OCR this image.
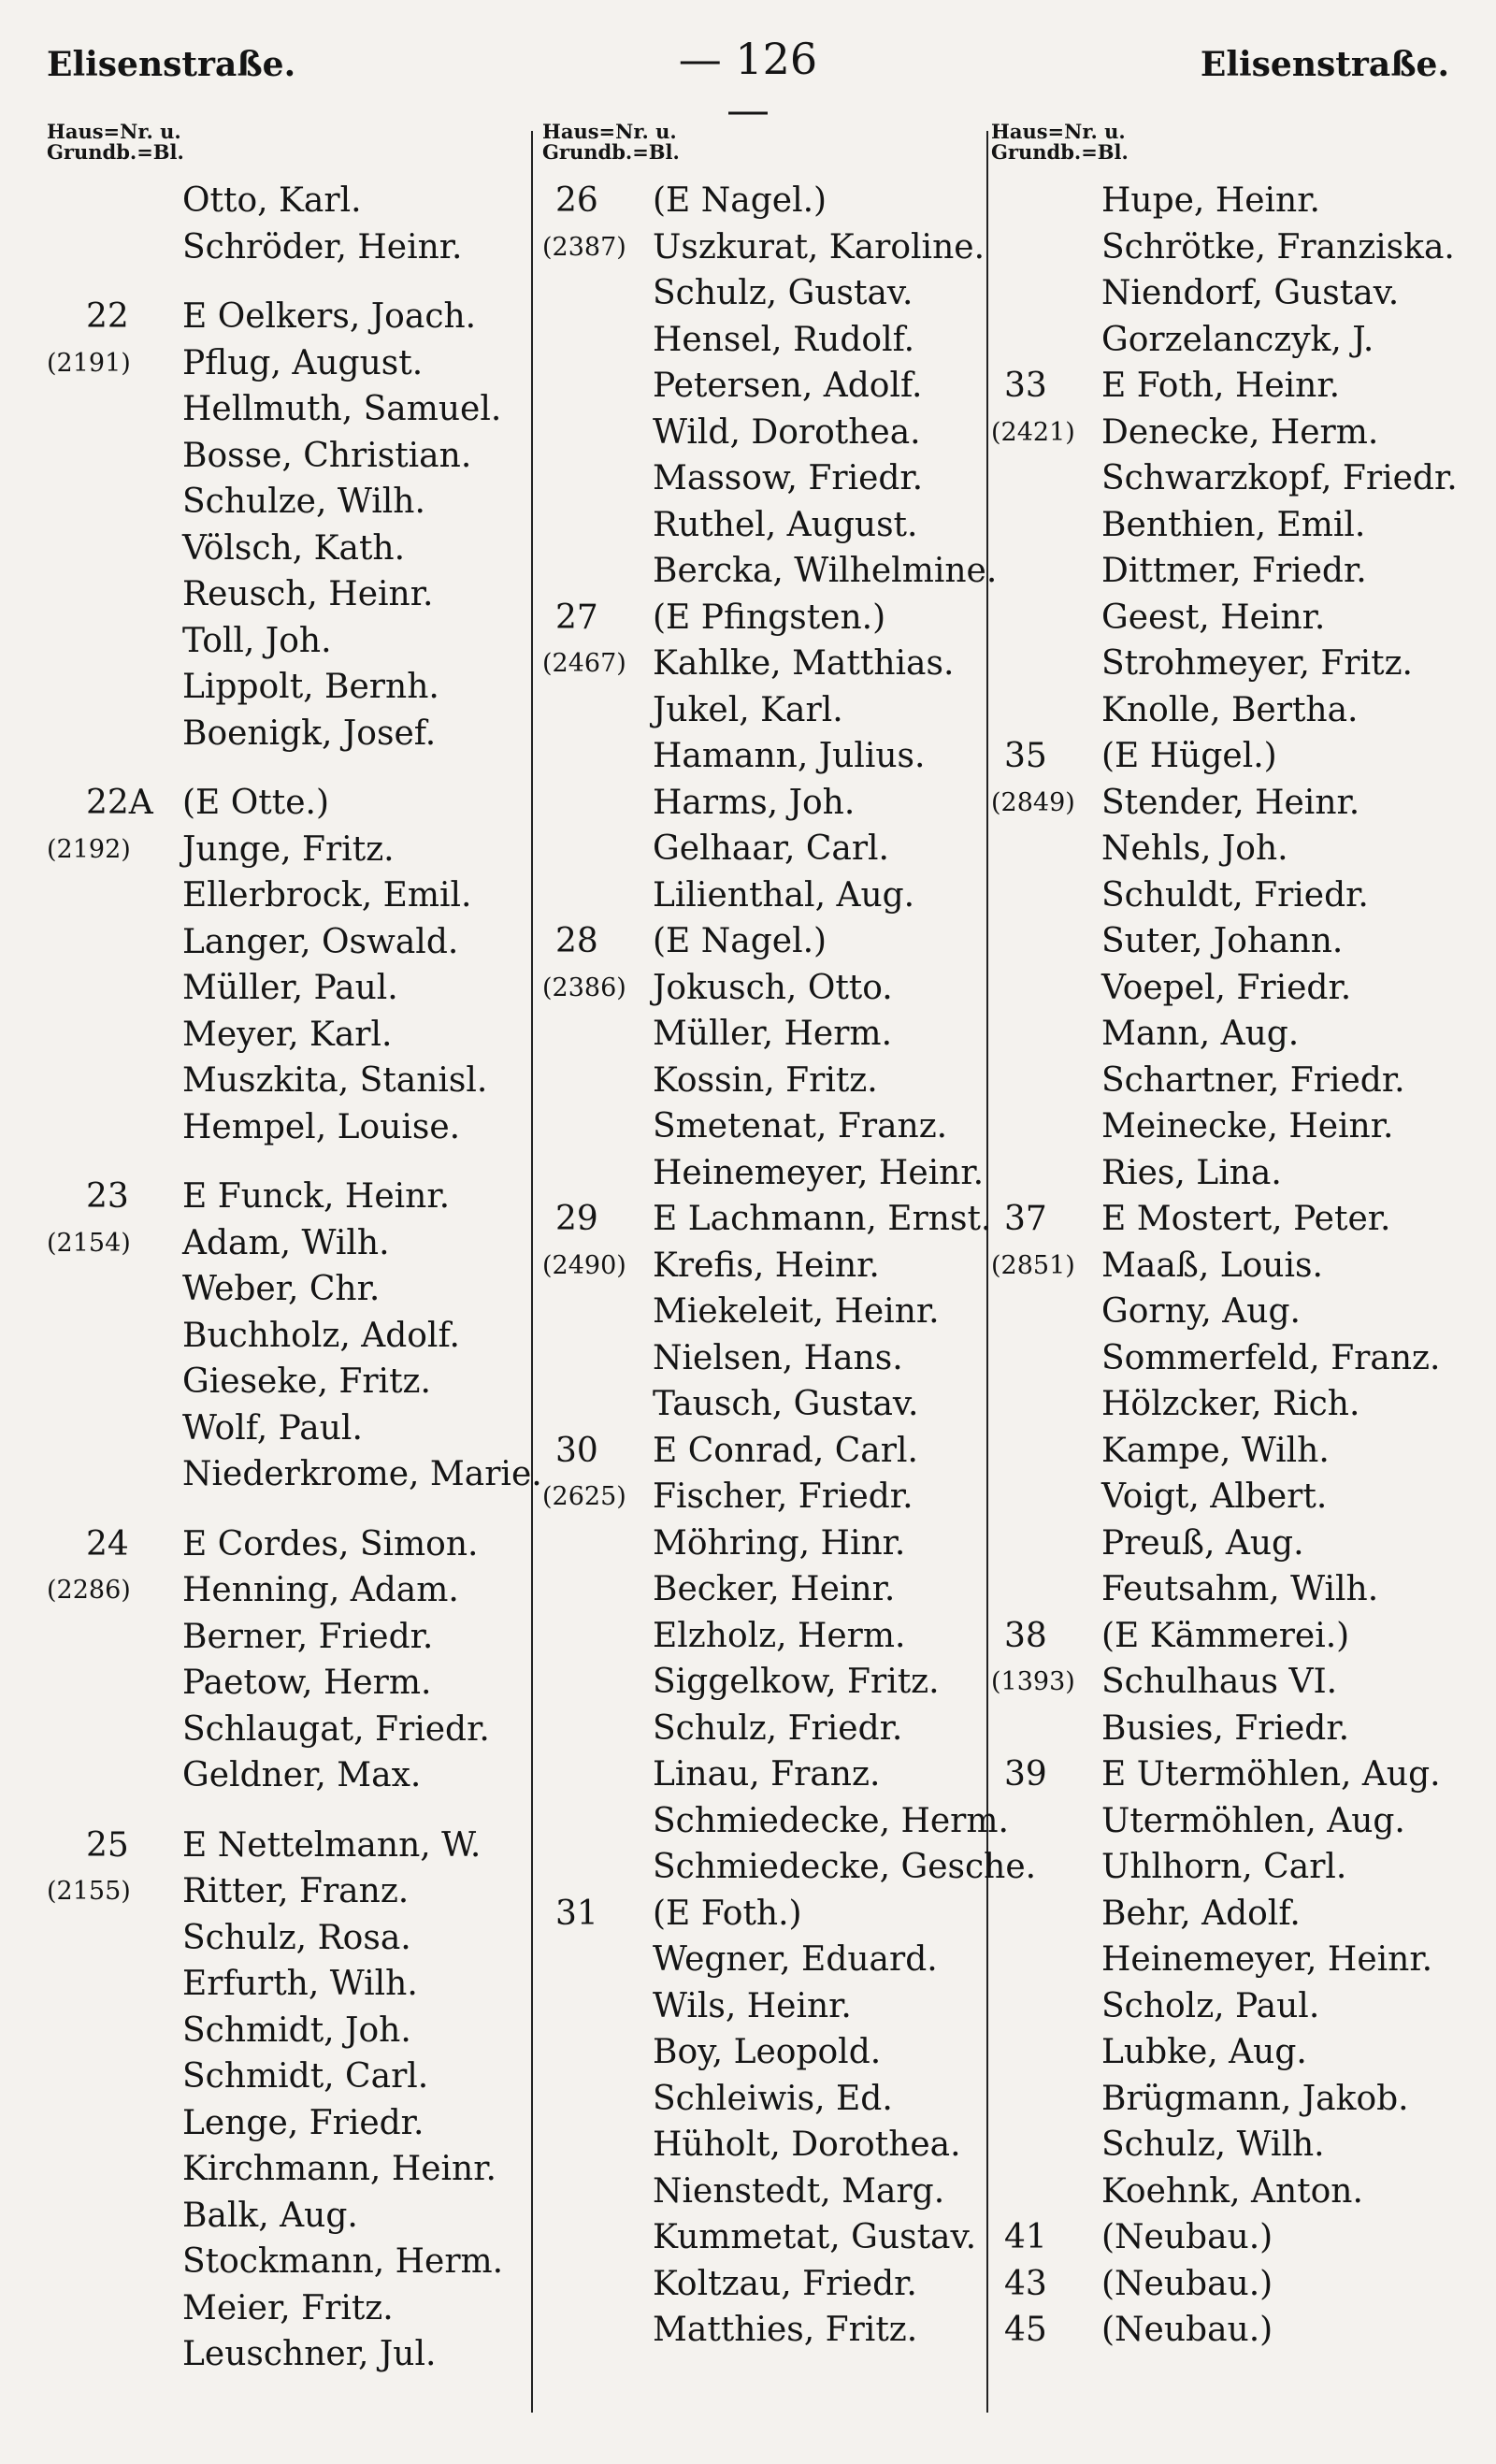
Elisenstraße.	— 126 —
Elisenstraße.
Haus=Nr. u.
Grundb.=Bl.
Otto, Karl.
Schröder, Heinr.
22	E Oelkers, Joach.
(2191) Pflug, August.
Hellmuth, Samuel.
Bosse, Christian.
Schulze, Wilh.
Völsch, Kath.
Reusch, Heinr.
Toll, Joh.
Lippolt, Bernh.
Boenigk, Josef.
22A (E Otte.)
(2192) Junge, Fritz.
Ellerbrock, Emil.
Langer, Oswald.
Müller, Paul.
Meyer, Karl.
Muszkita, Stanisl.
Hempel, Louise.
23	E Funck, Heinr.
(2154) Adam, Wilh.
Weber, Chr.
Buchholz, Adolf.
Gieseke, Fritz.
Wolf, Paul.
Niederkrome, Marie.
24	E Cordes, Simon.
(2286) Henning, Adam.
Berner, Friedr.
Paetow, Herm.
Schlaugat, Friedr.
Geldner, Max.
25	E Nettelmann, W.
(2155) Ritter, Franz.
Schulz, Rosa.
Erfurth, Wilh.
Schmidt, Joh.
Schmidt, Carl.
Lenge, Friedr.
Kirchmann, Heinr.
Balk, Aug.
Stockmann, Herm.
Meier, Fritz.
Leuschner, Jul.
Haus=Nr. u.
Grundb.=Bl.
26	(E Nagel.)
(2387) Uszkurat, Karoline.
Schulz, Gustav.
Hensel, Rudolf.
Petersen, Adolf.
Wild, Dorothea.
Massow, Friedr.
Ruthel, August.
Bercka, Wilhelmine.
27	(E Pfingsten.)
(2467) Kahlke, Matthias.
Jukel, Karl.
Hamann, Julius.
Harms, Joh.
Gelhaar, Carl.
Lilienthal, Aug.
28	(E Nagel.)
(2386) Jokusch, Otto.
Müller, Herm.
Kossin, Fritz.
Smetenat, Franz.
Heinemeyer, Heinr.
29	E Lachmann, Ernst.
(2490) Krefis, Heinr.
Miekeleit, Heinr.
Nielsen, Hans.
Tausch, Gustav.
30	E Conrad, Carl.
(2625) Fischer, Friedr.
Möhring, Hinr.
Becker, Heinr.
Elzholz, Herm.
Siggelkow, Fritz.
Schulz, Friedr.
Linau, Franz.
Schmiedecke, Herm.
Schmiedecke, Gesche.
31	(E Foth.)
Wegner, Eduard.
Wils, Heinr.
Boy, Leopold.
Schleiwis, Ed.
Hüholt, Dorothea.
Nienstedt, Marg.
Kummetat, Gustav.
Koltzau, Friedr.
Matthies, Fritz.
Haus=Nr. u.
Grundb.=Bl.
Hupe, Heinr.
Schrötke, Franziska.
Niendorf, Gustav.
Gorzelanczyk, J.
33	E Foth, Heinr.
(2421) Denecke, Herm.
Schwarzkopf, Friedr.
Benthien, Emil.
Dittmer, Friedr.
Geest, Heinr.
Strohmeyer, Fritz.
Knolle, Bertha.
35	(E Hügel.)
(2849) Stender, Heinr.
Nehls, Joh.
Schuldt, Friedr.
Suter, Johann.
Voepel, Friedr.
Mann, Aug.
Schartner, Friedr.
Meinecke, Heinr.
Ries, Lina.
37	E Mostert, Peter.
(2851) Maaß, Louis.
Gorny, Aug.
Sommerfeld, Franz.
Hölzcker, Rich.
Kampe, Wilh.
Voigt, Albert.
Preuß, Aug.
Feutsahm, Wilh.
38	(E Kämmerei.)
(1393) Schulhaus VI.
Busies, Friedr.
39	E Utermöhlen, Aug.
Utermöhlen, Aug.
Uhlhorn, Carl.
Behr, Adolf.
Heinemeyer, Heinr.
Scholz, Paul.
Lubke, Aug.
Brügmann, Jakob.
Schulz, Wilh.
Koehnk, Anton.
41	(Neubau.)
43	(Neubau.)
45	(Neubau.)
